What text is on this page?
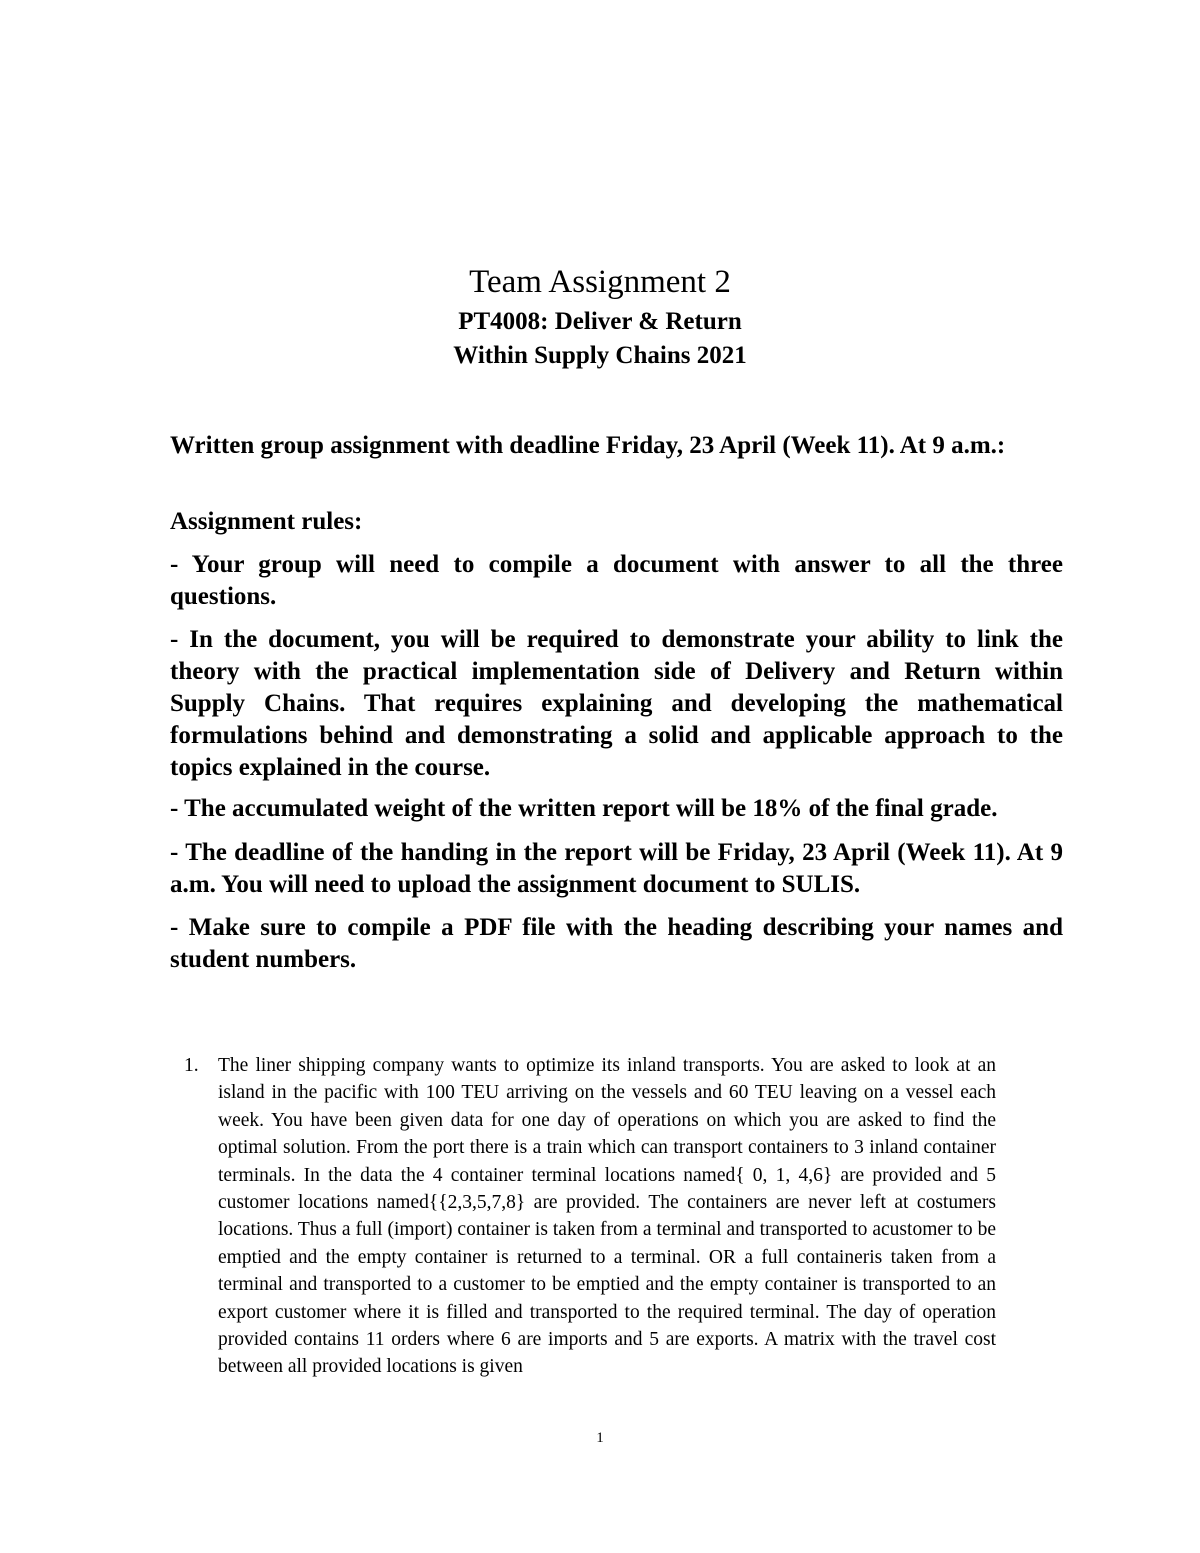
Team Assignment 2
PT4008: Deliver & Return
Within Supply Chains 2021

Written group assignment with deadline Friday, 23 April (Week 11). At 9 a.m.:

Assignment rules:

- Your group will need to compile a document with answer to all the three questions.

- In the document, you will be required to demonstrate your ability to link the theory with the practical implementation side of Delivery and Return within Supply Chains. That requires explaining and developing the mathematical formulations behind and demonstrating a solid and applicable approach to the topics explained in the course.

- The accumulated weight of the written report will be 18% of the final grade.

- The deadline of the handing in the report will be Friday, 23 April (Week 11). At 9 a.m. You will need to upload the assignment document to SULIS.

- Make sure to compile a PDF file with the heading describing your names and student numbers.

1. The liner shipping company wants to optimize its inland transports. You are asked to look at an island in the pacific with 100 TEU arriving on the vessels and 60 TEU leaving on a vessel each week. You have been given data for one day of operations on which you are asked to find the optimal solution. From the port there is a train which can transport containers to 3 inland container terminals. In the data the 4 container terminal locations named{ 0, 1, 4,6} are provided and 5 customer locations named{{2,3,5,7,8} are provided. The containers are never left at costumers locations. Thus a full (import) container is taken from a terminal and transported to acustomer to be emptied and the empty container is returned to a terminal. OR a full containeris taken from a terminal and transported to a customer to be emptied and the empty container is transported to an export customer where it is filled and transported to the required terminal. The day of operation provided contains 11 orders where 6 are imports and 5 are exports. A matrix with the travel cost between all provided locations is given
1
